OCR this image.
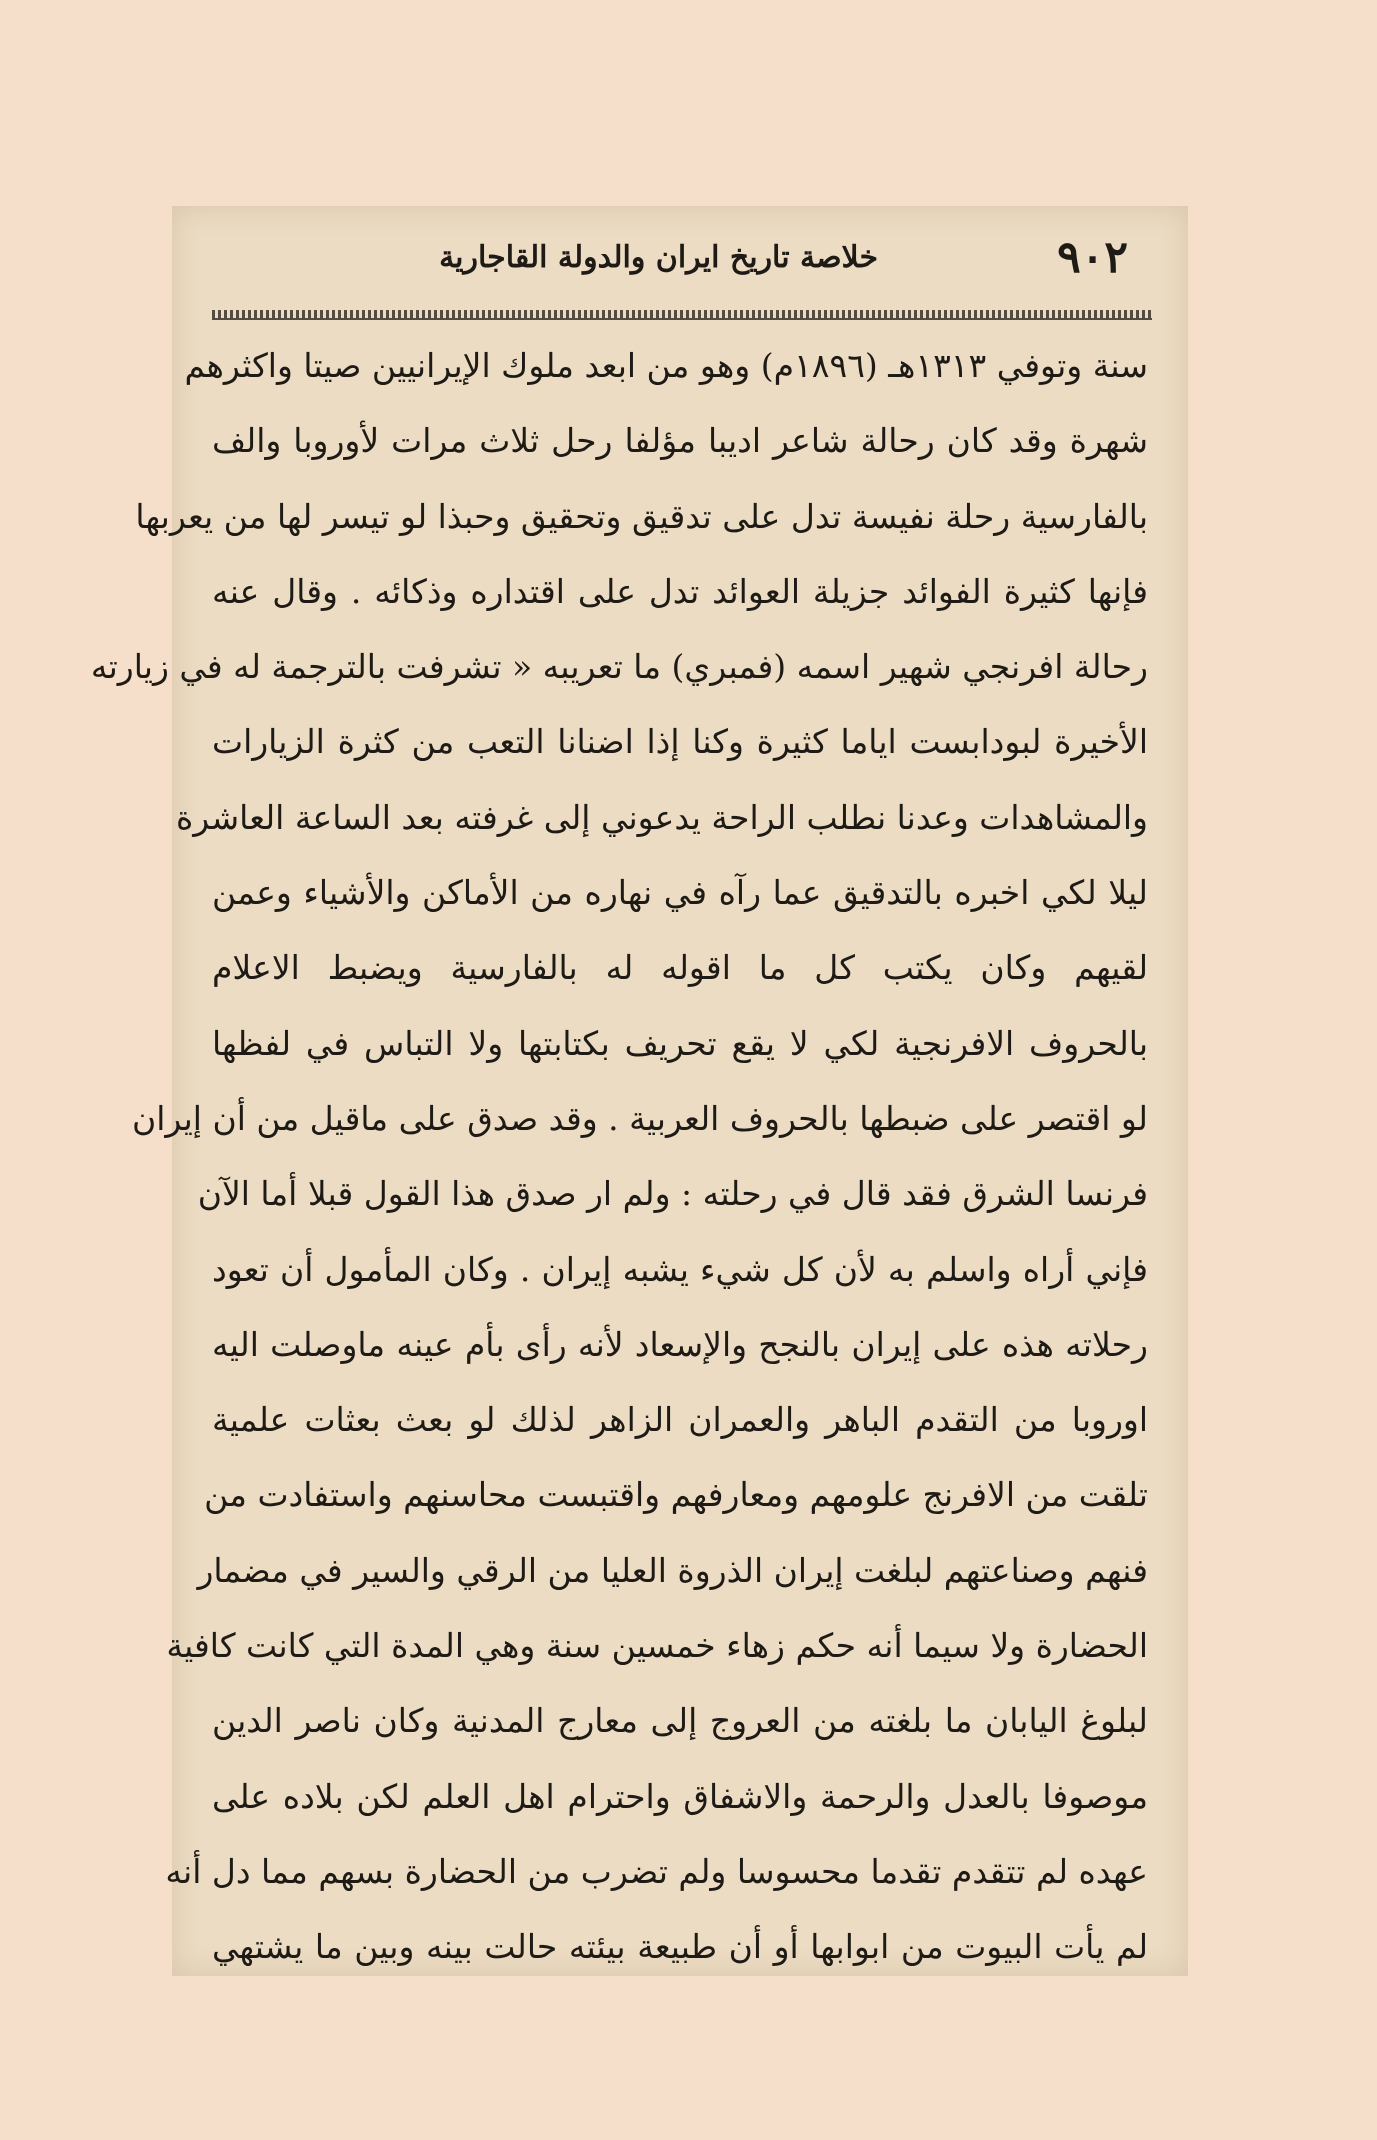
٩٠٢
خلاصة تاريخ ايران والدولة القاجارية
سنة وتوفي ١٣١٣هـ (١٨٩٦م) وهو من ابعد ملوك الإيرانيين صيتا واكثرهم
شهرة وقد كان رحالة شاعر اديبا مؤلفا رحل ثلاث مرات لأوروبا والف
بالفارسية رحلة نفيسة تدل على تدقيق وتحقيق وحبذا لو تيسر لها من يعربها
فإنها كثيرة الفوائد جزيلة العوائد تدل على اقتداره وذكائه . وقال عنه
رحالة افرنجي شهير اسمه (فمبري) ما تعريبه « تشرفت بالترجمة له في زيارته
الأخيرة لبودابست اياما كثيرة وكنا إذا اضنانا التعب من كثرة الزيارات
والمشاهدات وعدنا نطلب الراحة يدعوني إلى غرفته بعد الساعة العاشرة
ليلا لكي اخبره بالتدقيق عما رآه في نهاره من الأماكن والأشياء وعمن
لقيهم وكان يكتب كل ما اقوله له بالفارسية ويضبط الاعلام
بالحروف الافرنجية لكي لا يقع تحريف بكتابتها ولا التباس في لفظها
لو اقتصر على ضبطها بالحروف العربية . وقد صدق على ماقيل من أن إيران
فرنسا الشرق فقد قال في رحلته : ولم ار صدق هذا القول قبلا أما الآن
فإني أراه واسلم به لأن كل شيء يشبه إيران . وكان المأمول أن تعود
رحلاته هذه على إيران بالنجح والإسعاد لأنه رأى بأم عينه ماوصلت اليه
اوروبا من التقدم الباهر والعمران الزاهر لذلك لو بعث بعثات علمية
تلقت من الافرنج علومهم ومعارفهم واقتبست محاسنهم واستفادت من
فنهم وصناعتهم لبلغت إيران الذروة العليا من الرقي والسير في مضمار
الحضارة ولا سيما أنه حكم زهاء خمسين سنة وهي المدة التي كانت كافية
لبلوغ اليابان ما بلغته من العروج إلى معارج المدنية وكان ناصر الدين
موصوفا بالعدل والرحمة والاشفاق واحترام اهل العلم لكن بلاده على
عهده لم تتقدم تقدما محسوسا ولم تضرب من الحضارة بسهم مما دل أنه
لم يأت البيوت من ابوابها أو أن طبيعة بيئته حالت بينه وبين ما يشتهي
